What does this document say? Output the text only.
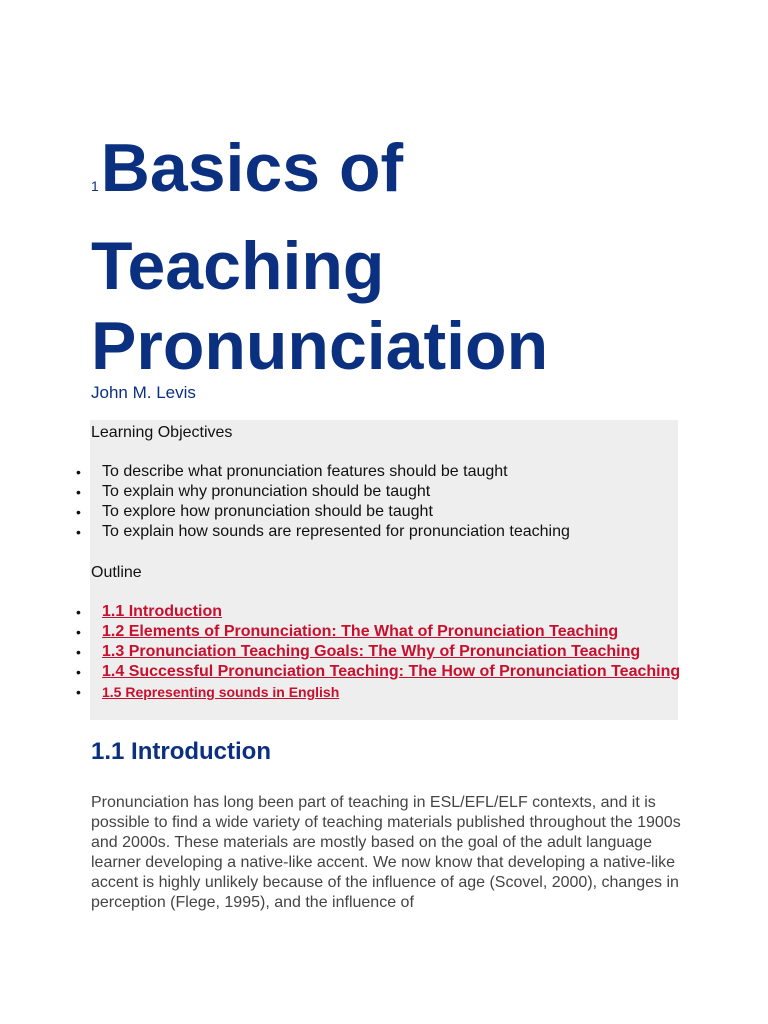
1Basics of
Teaching
Pronunciation
John M. Levis
Learning Objectives
• To describe what pronunciation features should be taught
• To explain why pronunciation should be taught
• To explore how pronunciation should be taught
• To explain how sounds are represented for pronunciation teaching
Outline
• 1.1 Introduction
• 1.2 Elements of Pronunciation: The What of Pronunciation Teaching
• 1.3 Pronunciation Teaching Goals: The Why of Pronunciation Teaching
• 1.4 Successful Pronunciation Teaching: The How of Pronunciation Teaching
• 1.5 Representing sounds in English
1.1 Introduction
Pronunciation has long been part of teaching in ESL/EFL/ELF contexts, and it is possible to find a wide variety of teaching materials published throughout the 1900s and 2000s. These materials are mostly based on the goal of the adult language learner developing a native-like accent. We now know that developing a native-like accent is highly unlikely because of the influence of age (Scovel, 2000), changes in perception (Flege, 1995), and the influence of
